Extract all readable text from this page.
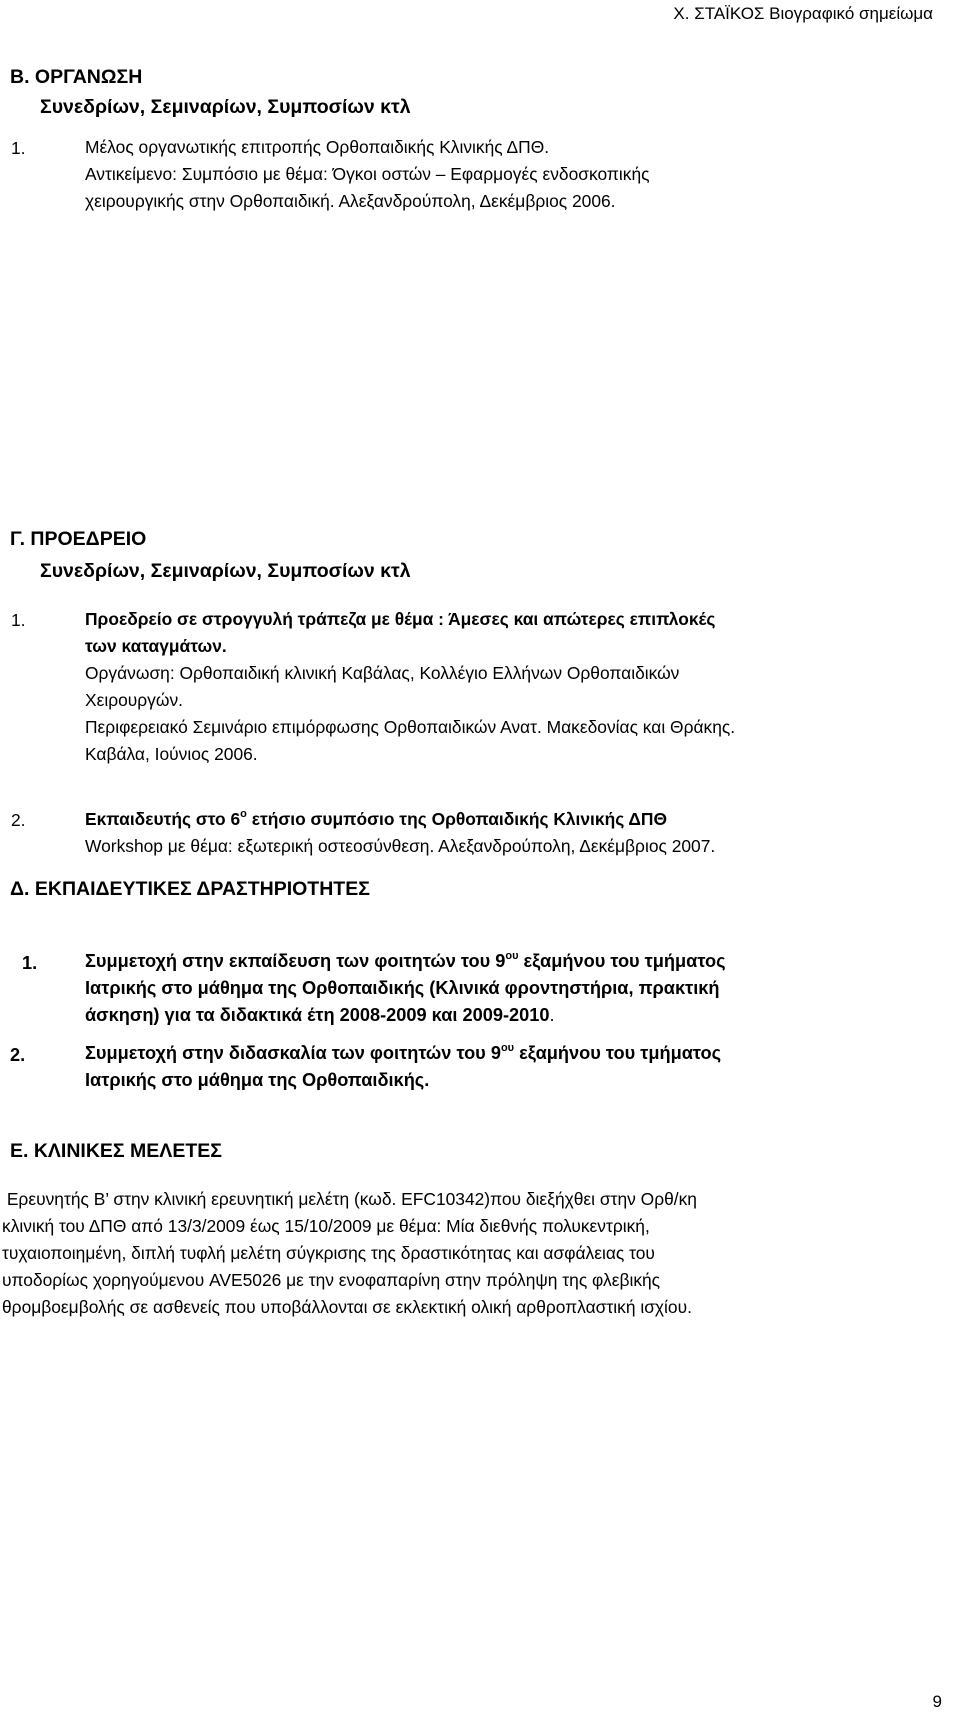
Χ. ΣΤΑΪΚΟΣ Βιογραφικό σημείωμα
Β. ΟΡΓΑΝΩΣΗ
Συνεδρίων, Σεμιναρίων, Συμποσίων κτλ
1.	Μέλος οργανωτικής επιτροπής Ορθοπαιδικής Κλινικής ΔΠΘ.
Αντικείμενο: Συμπόσιο με θέμα: Όγκοι οστών – Εφαρμογές ενδοσκοπικής
χειρουργικής στην Ορθοπαιδική. Αλεξανδρούπολη, Δεκέμβριος 2006.
Γ. ΠΡΟΕΔΡΕΙΟ
Συνεδρίων, Σεμιναρίων, Συμποσίων κτλ
1.	Προεδρείο σε στρογγυλή τράπεζα με θέμα : Άμεσες και απώτερες επιπλοκές
των καταγμάτων.
Οργάνωση: Ορθοπαιδική κλινική Καβάλας, Κολλέγιο Ελλήνων Ορθοπαιδικών
Χειρουργών.
Περιφερειακό Σεμινάριο επιμόρφωσης Ορθοπαιδικών Ανατ. Μακεδονίας και Θράκης.
Καβάλα, Ιούνιος 2006.
2.	Εκπαιδευτής στο $6^o$ ετήσιο συμπόσιο της Ορθοπαιδικής Κλινικής ΔΠΘ
Workshop με θέμα: εξωτερική οστεοσύνθεση. Αλεξανδρούπολη, Δεκέμβριος 2007.
Δ. ΕΚΠΑΙΔΕΥΤΙΚΕΣ ΔΡΑΣΤΗΡΙΟΤΗΤΕΣ
1.	Συμμετοχή στην εκπαίδευση των φοιτητών του $9^{o\upsilon}$ εξαμήνου του τμήματος
Ιατρικής στο μάθημα της Ορθοπαιδικής (Κλινικά φροντηστήρια, πρακτική
άσκηση) για τα διδακτικά έτη 2008-2009 και 2009-2010.
2.	Συμμετοχή στην διδασκαλία των φοιτητών του $9^{o\upsilon}$ εξαμήνου του τμήματος
Ιατρικής στο μάθημα της Ορθοπαιδικής.
Ε. ΚΛΙΝΙΚΕΣ ΜΕΛΕΤΕΣ
Ερευνητής Β’ στην κλινική ερευνητική μελέτη (κωδ. EFC10342)που διεξήχθει στην Ορθ/κη
κλινική του ΔΠΘ από 13/3/2009 έως 15/10/2009 με θέμα: Μία διεθνής πολυκεντρική,
τυχαιοποιημένη, διπλή τυφλή μελέτη σύγκρισης της δραστικότητας και ασφάλειας του
υποδορίως χορηγούμενου AVE5026 με την ενοφαπαρίνη στην πρόληψη της φλεβικής
θρομβοεμβολής σε ασθενείς που υποβάλλονται σε εκλεκτική ολική αρθροπλαστική ισχίου.
9
